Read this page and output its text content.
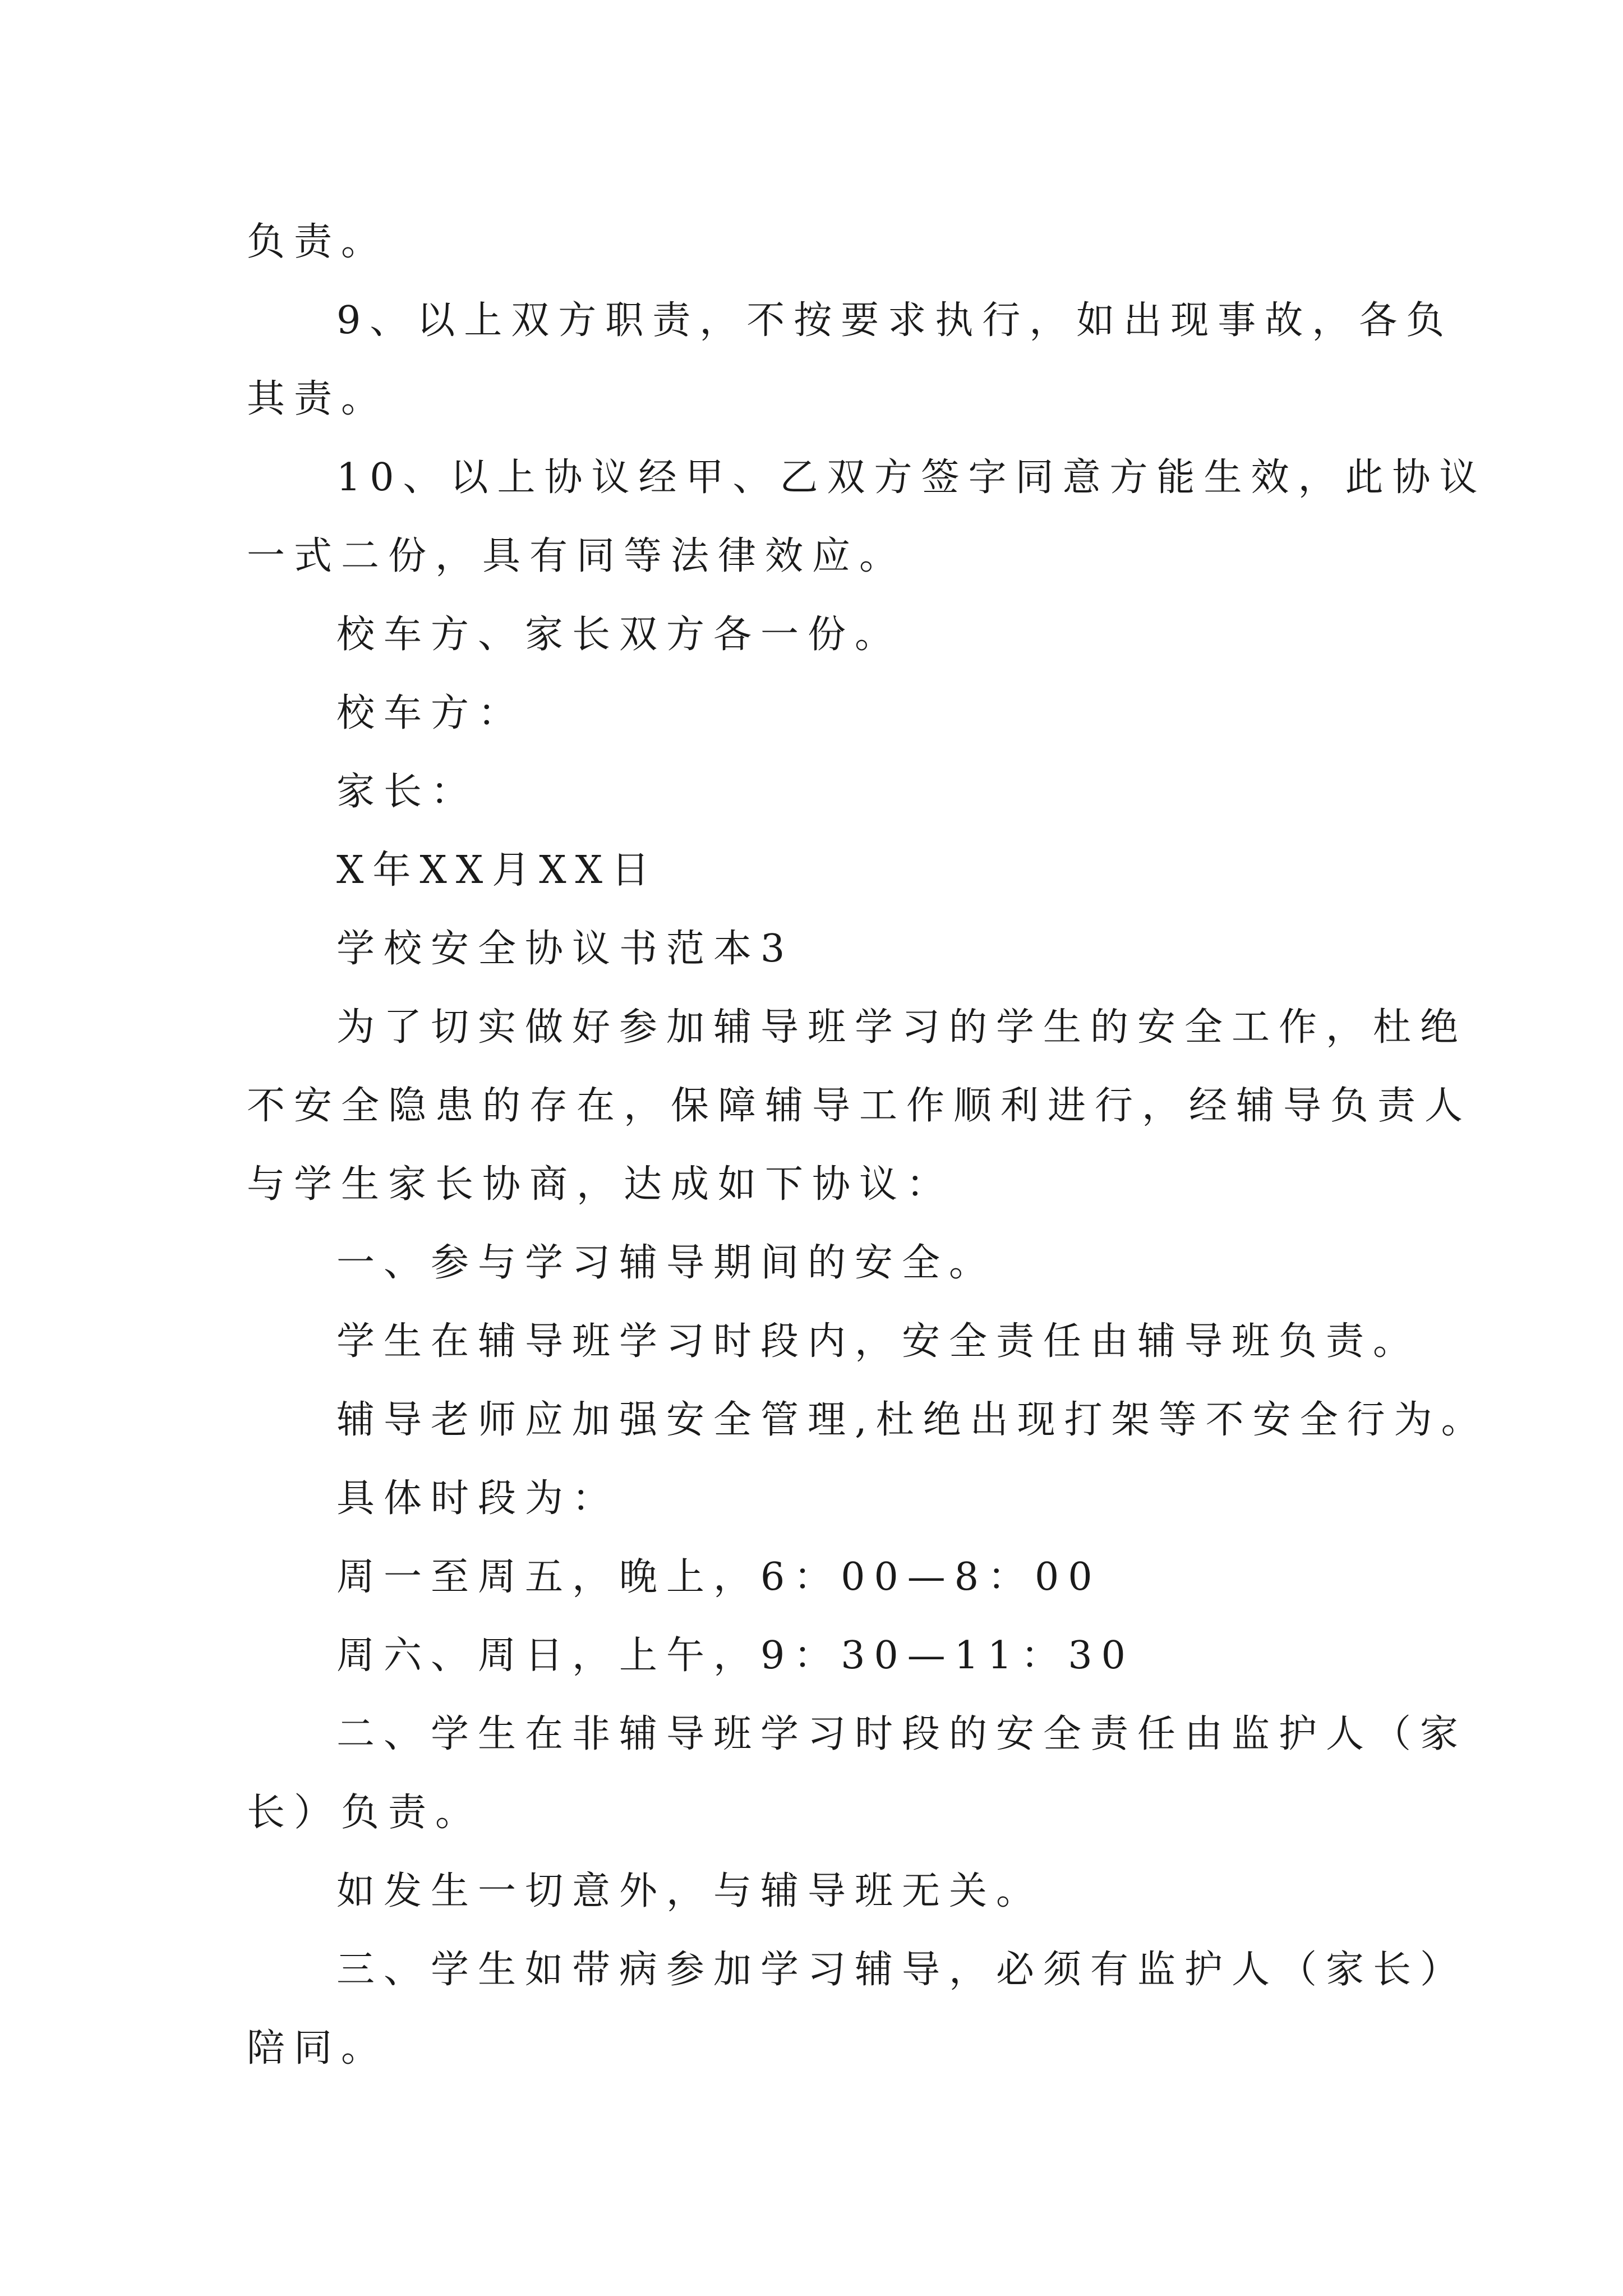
负责。

9、以上双方职责，不按要求执行，如出现事故，各负

其责。

10、以上协议经甲、乙双方签字同意方能生效，此协议

一式二份，具有同等法律效应。

校车方、家长双方各一份。

校车方：

家长：

X年XX月XX日

学校安全协议书范本3

为了切实做好参加辅导班学习的学生的安全工作，杜绝

不安全隐患的存在，保障辅导工作顺利进行，经辅导负责人

与学生家长协商，达成如下协议：

一、参与学习辅导期间的安全。

学生在辅导班学习时段内，安全责任由辅导班负责。

辅导老师应加强安全管理,杜绝出现打架等不安全行为。

具体时段为：

周一至周五，晚上，6：00—8：00

周六、周日，上午，9：30—11：30

二、学生在非辅导班学习时段的安全责任由监护人（家

长）负责。

如发生一切意外，与辅导班无关。

三、学生如带病参加学习辅导，必须有监护人（家长）

陪同。
